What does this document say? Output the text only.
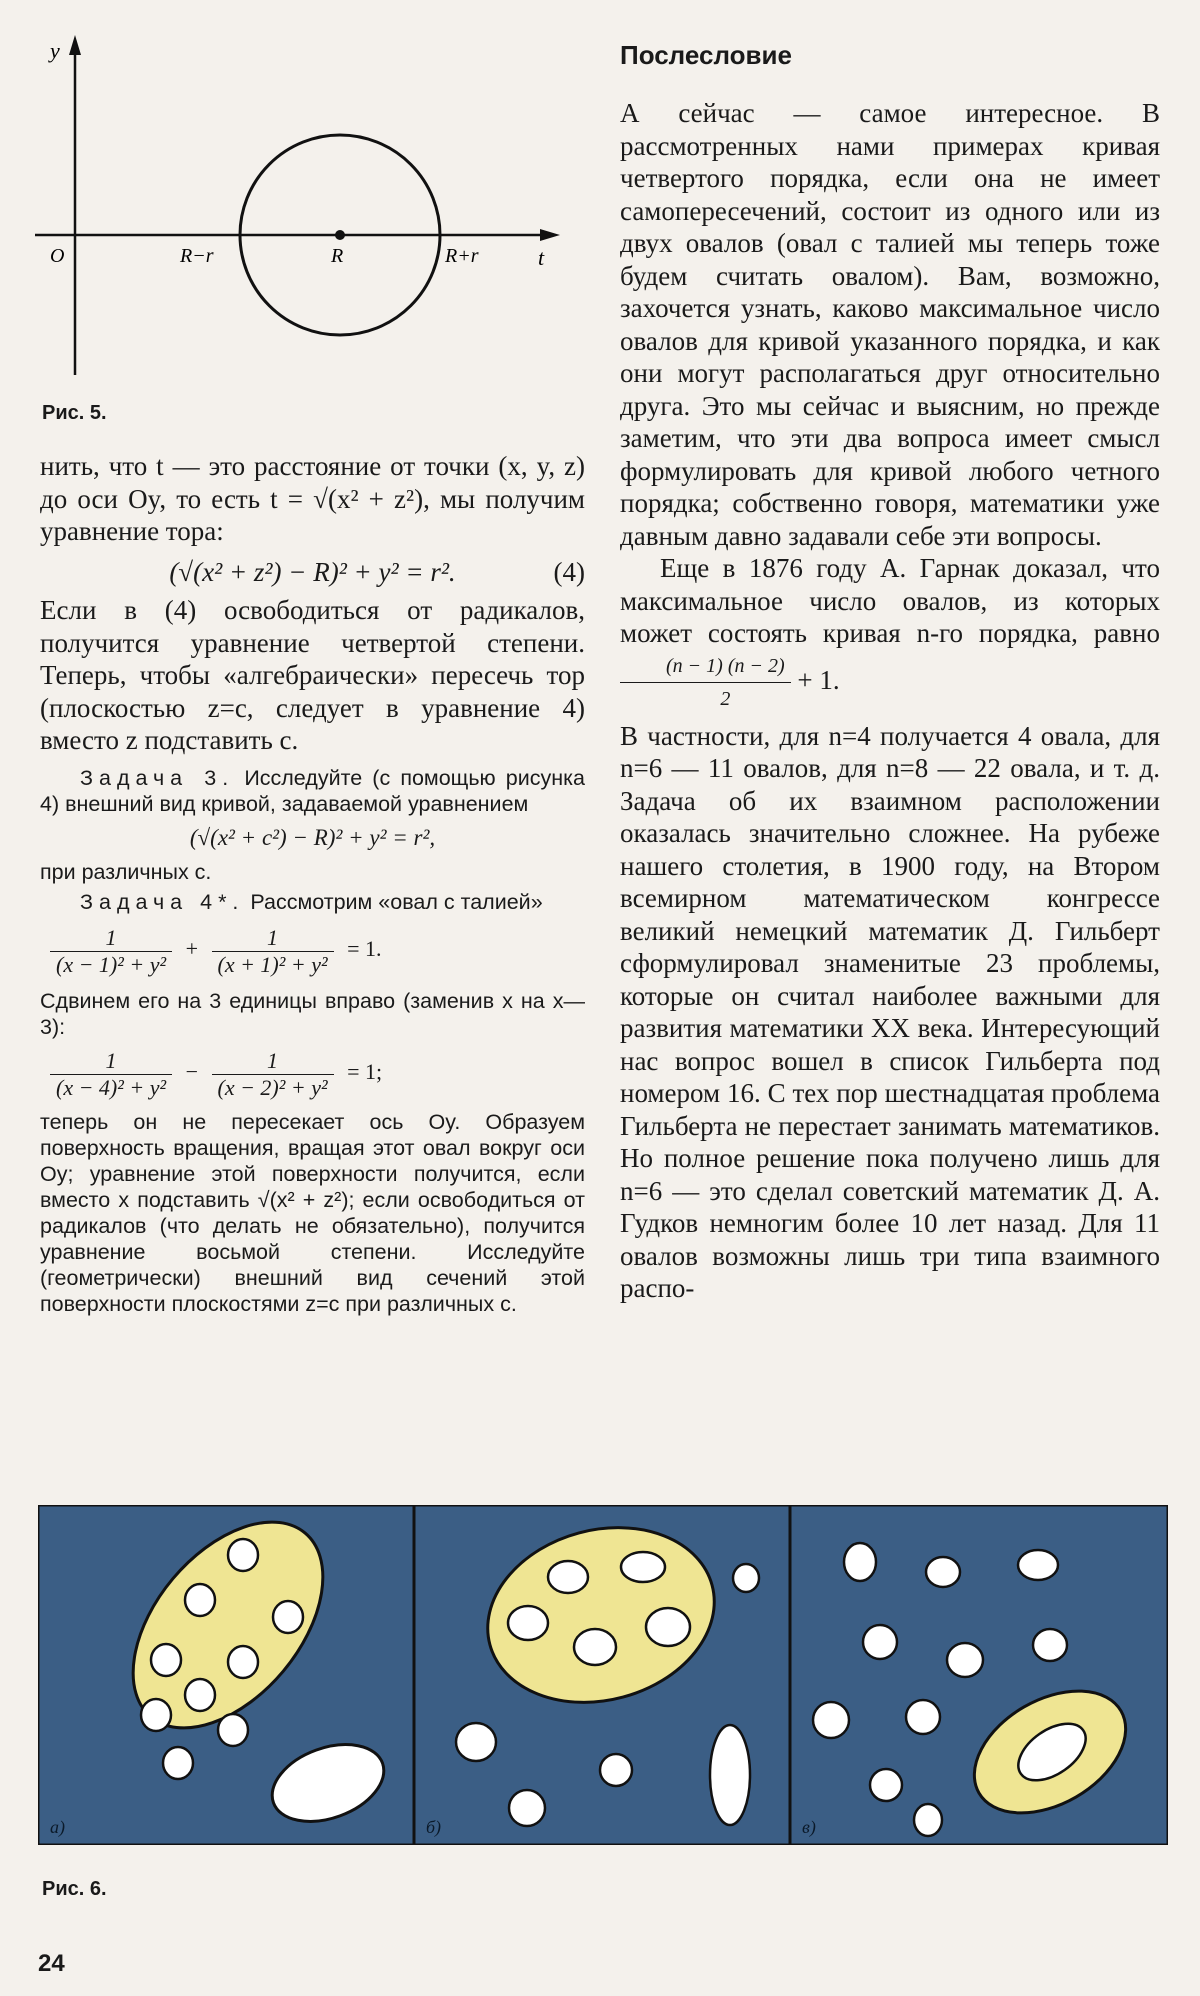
y
O	R−r	R	R+r	t
Рис. 5.

нить, что t — это расстояние от точки (x, y, z) до оси Oy, то есть t = √(x² + z²), мы получим уравнение тора:

(√(x² + z²) − R)² + y² = r².	(4)

Если в (4) освободиться от радикалов, получится уравнение четвертой степени. Теперь, чтобы «алгебраически» пересечь тор (плоскостью z=c, следует в уравнение 4) вместо z подставить c.

Задача 3. Исследуйте (с помощью рисунка 4) внешний вид кривой, задаваемой уравнением

(√(x² + c²) − R)² + y² = r²,

при различных c.

Задача 4*. Рассмотрим «овал с талией»

$\frac{1}{\text{(x − 1)² + y²}} + \frac{1}{\text{(x + 1)² + y²}} = 1$.

Сдвинем его на 3 единицы вправо (заменив x на x—3):

$\frac{1}{\text{(x − 4)² + y²}} - \frac{1}{\text{(x − 2)² + y²}} = 1$;

теперь он не пересекает ось Oy. Образуем поверхность вращения, вращая этот овал вокруг оси Oy; уравнение этой поверхности получится, если вместо x подставить √(x² + z²); если освободиться от радикалов (что делать не обязательно), получится уравнение восьмой степени. Исследуйте (геометрически) внешний вид сечений этой поверхности плоскостями z=c при различных c.

Послесловие

А сейчас — самое интересное. В рассмотренных нами примерах кривая четвертого порядка, если она не имеет самопересечений, состоит из одного или из двух овалов (овал с талией мы теперь тоже будем считать овалом). Вам, возможно, захочется узнать, каково максимальное число овалов для кривой указанного порядка, и как они могут располагаться друг относительно друга. Это мы сейчас и выясним, но прежде заметим, что эти два вопроса имеет смысл формулировать для кривой любого четного порядка; собственно говоря, математики уже давным давно задавали себе эти вопросы.

Еще в 1876 году А. Гарнак доказал, что максимальное число овалов, из которых может состоять кривая n-го порядка, равно
$\frac{(n - 1) (n - 2)}{2} + 1$.

В частности, для n=4 получается 4 овала, для n=6 — 11 овалов, для n=8 — 22 овала, и т. д. Задача об их взаимном расположении оказалась значительно сложнее. На рубеже нашего столетия, в 1900 году, на Втором всемирном математическом конгрессе великий немецкий математик Д. Гильберт сформулировал знаменитые 23 проблемы, которые он считал наиболее важными для развития математики XX века. Интересующий нас вопрос вошел в список Гильберта под номером 16. С тех пор шестнадцатая проблема Гильберта не перестает занимать математиков. Но полное решение пока получено лишь для n=6 — это сделал советский математик Д. А. Гудков немногим более 10 лет назад. Для 11 овалов возможны лишь три типа взаимного распо-

а)	б)	в)
Рис. 6.
24
